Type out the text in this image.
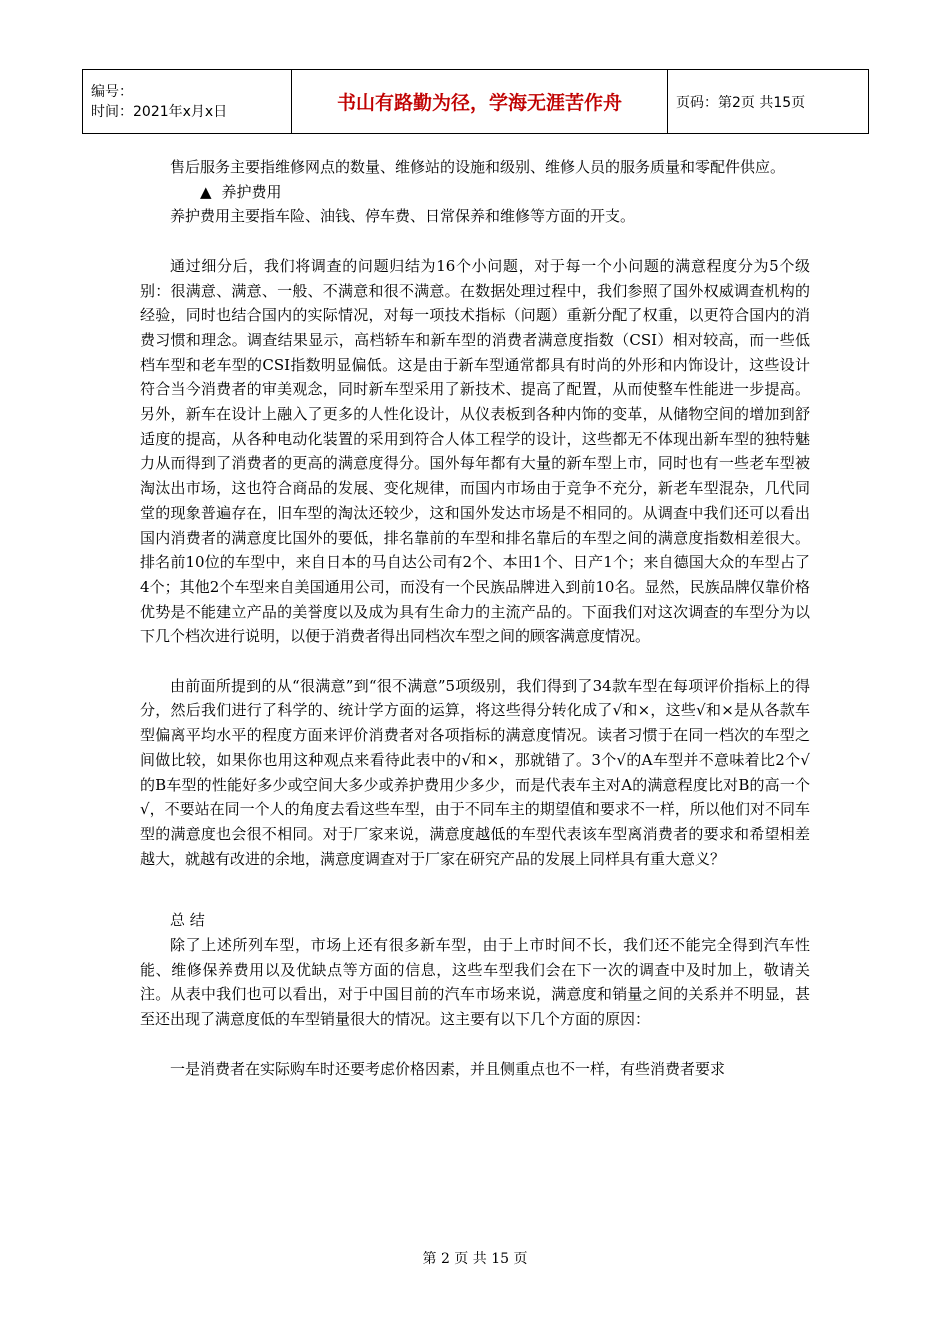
编号：
时间：2021年x月x日	书山有路勤为径，学海无涯苦作舟	页码：第2页 共15页

售后服务主要指维修网点的数量、维修站的设施和级别、维修人员的服务质量和零配件供应。

▲ 养护费用

养护费用主要指车险、油钱、停车费、日常保养和维修等方面的开支。

通过细分后，我们将调查的问题归结为16个小问题，对于每一个小问题的满意程度分为5个级别：很满意、满意、一般、不满意和很不满意。在数据处理过程中，我们参照了国外权威调查机构的经验，同时也结合国内的实际情况，对每一项技术指标（问题）重新分配了权重，以更符合国内的消费习惯和理念。调查结果显示，高档轿车和新车型的消费者满意度指数（CSI）相对较高，而一些低档车型和老车型的CSI指数明显偏低。这是由于新车型通常都具有时尚的外形和内饰设计，这些设计符合当今消费者的审美观念，同时新车型采用了新技术、提高了配置，从而使整车性能进一步提高。另外，新车在设计上融入了更多的人性化设计，从仪表板到各种内饰的变革，从储物空间的增加到舒适度的提高，从各种电动化装置的采用到符合人体工程学的设计，这些都无不体现出新车型的独特魅力从而得到了消费者的更高的满意度得分。国外每年都有大量的新车型上市，同时也有一些老车型被淘汰出市场，这也符合商品的发展、变化规律，而国内市场由于竞争不充分，新老车型混杂，几代同堂的现象普遍存在，旧车型的淘汰还较少，这和国外发达市场是不相同的。从调查中我们还可以看出国内消费者的满意度比国外的要低，排名靠前的车型和排名靠后的车型之间的满意度指数相差很大。排名前10位的车型中，来自日本的马自达公司有2个、本田1个、日产1个；来自德国大众的车型占了4个；其他2个车型来自美国通用公司，而没有一个民族品牌进入到前10名。显然，民族品牌仅靠价格优势是不能建立产品的美誉度以及成为具有生命力的主流产品的。下面我们对这次调查的车型分为以下几个档次进行说明，以便于消费者得出同档次车型之间的顾客满意度情况。

由前面所提到的从“很满意”到“很不满意”5项级别，我们得到了34款车型在每项评价指标上的得分，然后我们进行了科学的、统计学方面的运算，将这些得分转化成了√和×，这些√和×是从各款车型偏离平均水平的程度方面来评价消费者对各项指标的满意度情况。读者习惯于在同一档次的车型之间做比较，如果你也用这种观点来看待此表中的√和×，那就错了。3个√的A车型并不意味着比2个√的B车型的性能好多少或空间大多少或养护费用少多少，而是代表车主对A的满意程度比对B的高一个√，不要站在同一个人的角度去看这些车型，由于不同车主的期望值和要求不一样，所以他们对不同车型的满意度也会很不相同。对于厂家来说，满意度越低的车型代表该车型离消费者的要求和希望相差越大，就越有改进的余地，满意度调查对于厂家在研究产品的发展上同样具有重大意义？

总 结

除了上述所列车型，市场上还有很多新车型，由于上市时间不长，我们还不能完全得到汽车性能、维修保养费用以及优缺点等方面的信息，这些车型我们会在下一次的调查中及时加上，敬请关注。从表中我们也可以看出，对于中国目前的汽车市场来说，满意度和销量之间的关系并不明显，甚至还出现了满意度低的车型销量很大的情况。这主要有以下几个方面的原因：

一是消费者在实际购车时还要考虑价格因素，并且侧重点也不一样，有些消费者要求

第 2 页 共 15 页
